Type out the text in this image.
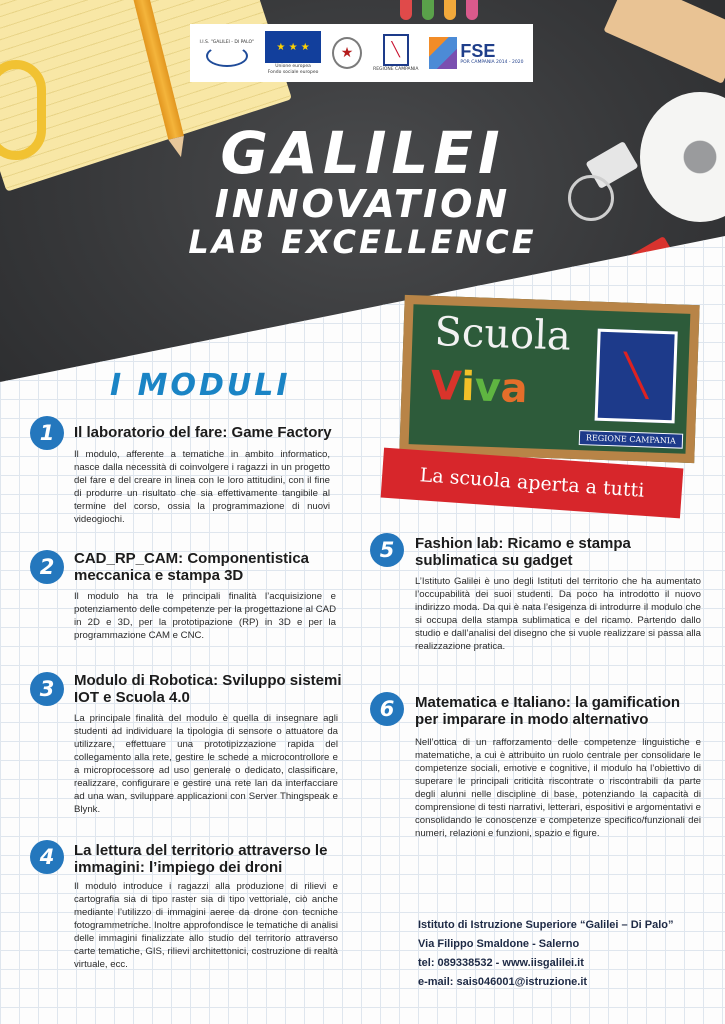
I.I.S. "GALILEI - DI PALO"	★ ★ ★
Unione europea
Fondo sociale europeo
★	╲
REGIONE CAMPANIA
FSE
POR CAMPANIA 2014 - 2020
GALILEI
INNOVATION
LAB EXCELLENCE
Scuola
Viva	╲
REGIONE CAMPANIA
La scuola aperta a tutti
I MODULI
1	Il laboratorio del fare: Game Factory
Il modulo, afferente a tematiche in ambito informatico, nasce dalla necessità di coinvolgere i ragazzi in un progetto del fare e del creare in linea con le loro attitudini, con il fine di produrre un risultato che sia effettivamente tangibile al termine del corso, ossia la programmazione di nuovi videogiochi.
2	CAD_RP_CAM: Componentistica meccanica e stampa 3D
Il modulo ha tra le principali finalità l’acquisizione e potenziamento delle competenze per la progettazione al CAD in 2D e 3D, per la prototipazione (RP) in 3D e per la programmazione CAM e CNC.
3	Modulo di Robotica: Sviluppo sistemi IOT e Scuola 4.0
La principale finalità del modulo è quella di insegnare agli studenti ad individuare la tipologia di sensore o attuatore da utilizzare, effettuare una prototipizzazione rapida del collegamento alla rete, gestire le schede a microcontrollore e a microprocessore ad uso generale o dedicato, classificare, realizzare, configurare e gestire una rete lan da interfacciare ad una wan, sviluppare applicazioni con Server Thingspeak e Blynk.
4	La lettura del territorio attraverso le immagini: l’impiego dei droni
Il modulo introduce i ragazzi alla produzione di rilievi e cartografia sia di tipo raster sia di tipo vettoriale, ciò anche mediante l’utilizzo di immagini aeree da drone con tecniche fotogrammetriche. Inoltre approfondisce le tematiche di analisi delle immagini finalizzate allo studio del territorio attraverso carte tematiche, GIS, rilievi architettonici, costruzione di realtà virtuale, ecc.
5	Fashion lab: Ricamo e stampa sublimatica su gadget
L’Istituto Galilei è uno degli Istituti del territorio che ha aumentato l’occupabilità dei suoi studenti. Da poco ha introdotto il nuovo indirizzo moda. Da qui è nata l’esigenza di introdurre il modulo che si occupa della stampa sublimatica e del ricamo. Partendo dallo studio e dall’analisi del disegno che si vuole realizzare si passa alla realizzazione pratica.
6	Matematica e Italiano: la gamification per imparare in modo alternativo
Nell’ottica di un rafforzamento delle competenze linguistiche e matematiche, a cui è attribuito un ruolo centrale per consolidare le competenze sociali, emotive e cognitive, il modulo ha l’obiettivo di superare le principali criticità riscontrate o riscontrabili da parte degli alunni nelle discipline di base, potenziando la capacità di comprensione di testi narrativi, letterari, espositivi e argomentativi e consolidando le conoscenze e competenze specifico/funzionali dei numeri, relazioni e funzioni, spazio e figure.
Istituto di Istruzione Superiore “Galilei – Di Palo”
Via Filippo Smaldone - Salerno
tel: 089338532 - www.iisgalilei.it
e-mail: sais046001@istruzione.it
